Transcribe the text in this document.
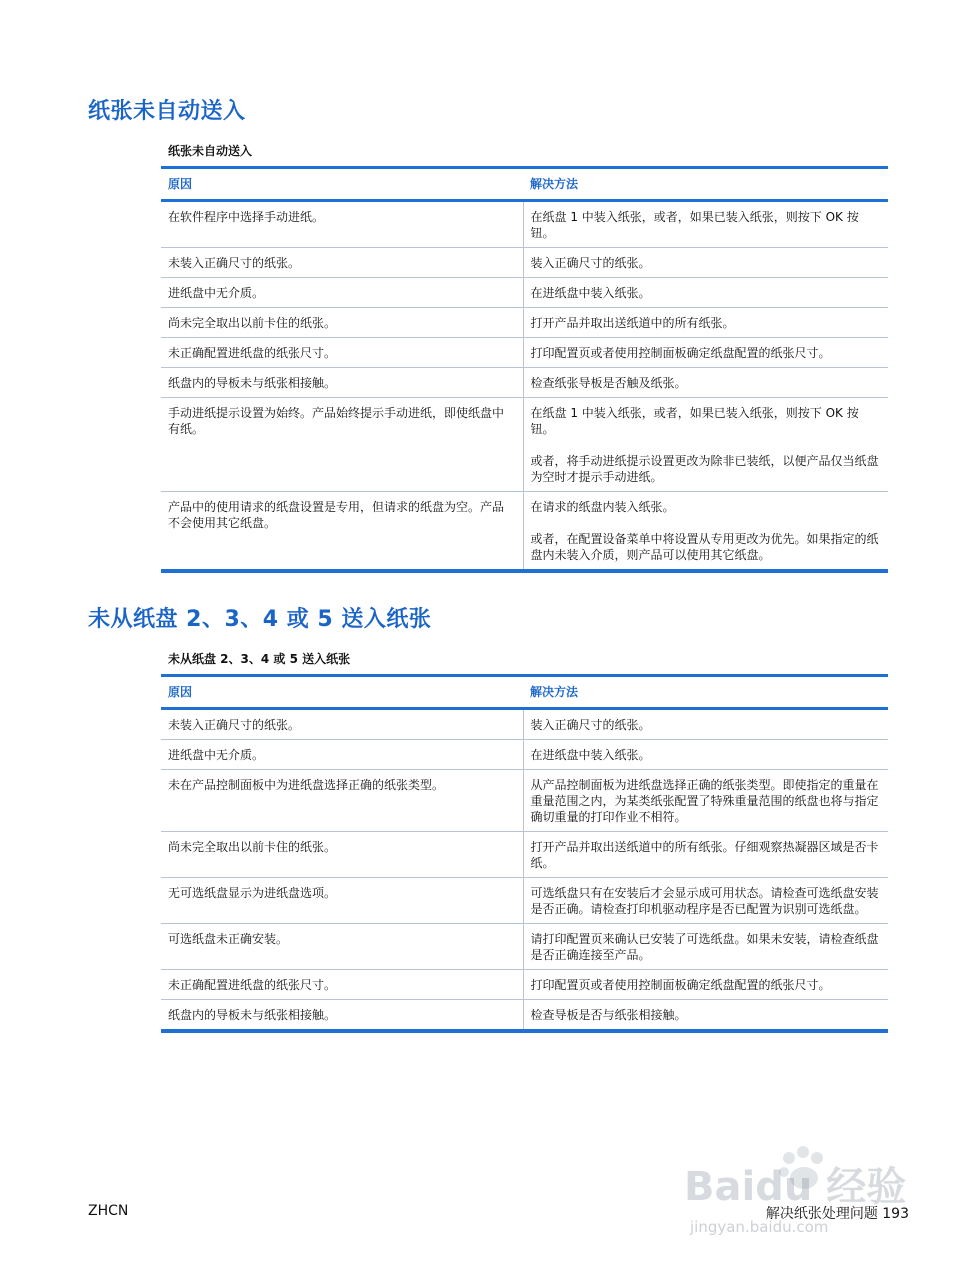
纸张未自动送入

纸张未自动送入

原因	解决方法

在软件程序中选择手动进纸。	在纸盘 1 中装入纸张，或者，如果已装入纸张，则按下 OK 按钮。

未装入正确尺寸的纸张。	装入正确尺寸的纸张。

进纸盘中无介质。	在进纸盘中装入纸张。

尚未完全取出以前卡住的纸张。	打开产品并取出送纸道中的所有纸张。

未正确配置进纸盘的纸张尺寸。	打印配置页或者使用控制面板确定纸盘配置的纸张尺寸。

纸盘内的导板未与纸张相接触。	检查纸张导板是否触及纸张。

手动进纸提示设置为始终。产品始终提示手动进纸，即使纸盘中有纸。	在纸盘 1 中装入纸张，或者，如果已装入纸张，则按下 OK 按钮。

或者，将手动进纸提示设置更改为除非已装纸，以便产品仅当纸盘为空时才提示手动进纸。

产品中的使用请求的纸盘设置是专用，但请求的纸盘为空。产品不会使用其它纸盘。	在请求的纸盘内装入纸张。

或者，在配置设备菜单中将设置从专用更改为优先。如果指定的纸盘内未装入介质，则产品可以使用其它纸盘。

未从纸盘 2、3、4 或 5 送入纸张

未从纸盘 2、3、4 或 5 送入纸张

原因	解决方法

未装入正确尺寸的纸张。	装入正确尺寸的纸张。

进纸盘中无介质。	在进纸盘中装入纸张。

未在产品控制面板中为进纸盘选择正确的纸张类型。	从产品控制面板为进纸盘选择正确的纸张类型。即使指定的重量在重量范围之内，为某类纸张配置了特殊重量范围的纸盘也将与指定确切重量的打印作业不相符。

尚未完全取出以前卡住的纸张。	打开产品并取出送纸道中的所有纸张。仔细观察热凝器区域是否卡纸。

无可选纸盘显示为进纸盘选项。	可选纸盘只有在安装后才会显示成可用状态。请检查可选纸盘安装是否正确。请检查打印机驱动程序是否已配置为识别可选纸盘。

可选纸盘未正确安装。	请打印配置页来确认已安装了可选纸盘。如果未安装，请检查纸盘是否正确连接至产品。

未正确配置进纸盘的纸张尺寸。	打印配置页或者使用控制面板确定纸盘配置的纸张尺寸。

纸盘内的导板未与纸张相接触。	检查导板是否与纸张相接触。

ZHCN	解决纸张处理问题 193
Baidu 经验
jingyan.baidu.com
